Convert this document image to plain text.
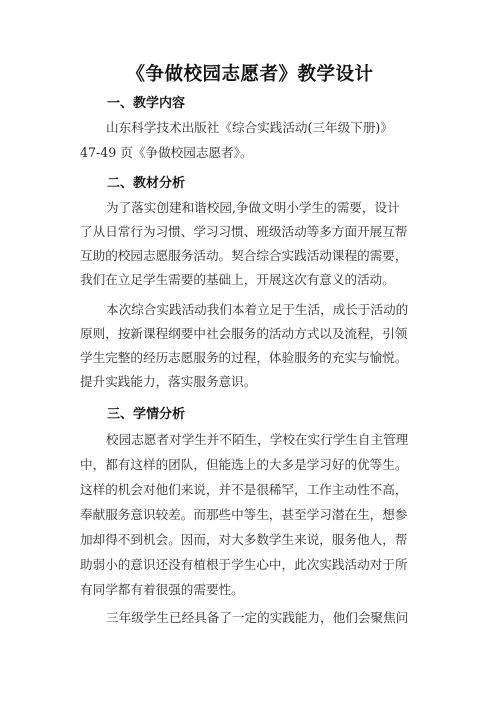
《争做校园志愿者》教学设计
一、教学内容
山东科学技术出版社《综合实践活动(三年级下册)》
47-49 页《争做校园志愿者》。
二、教材分析
为了落实创建和谐校园,争做文明小学生的需要，设计
了从日常行为习惯、学习习惯、班级活动等多方面开展互帮
互助的校园志愿服务活动。契合综合实践活动课程的需要，
我们在立足学生需要的基础上，开展这次有意义的活动。
本次综合实践活动我们本着立足于生活，成长于活动的
原则，按新课程纲要中社会服务的活动方式以及流程，引领
学生完整的经历志愿服务的过程，体验服务的充实与愉悦。
提升实践能力，落实服务意识。
三、学情分析
校园志愿者对学生并不陌生，学校在实行学生自主管理
中，都有这样的团队，但能选上的大多是学习好的优等生。
这样的机会对他们来说，并不是很稀罕，工作主动性不高，
奉献服务意识较差。而那些中等生，甚至学习潜在生，想参
加却得不到机会。因而，对大多数学生来说，服务他人，帮
助弱小的意识还没有植根于学生心中，此次实践活动对于所
有同学都有着很强的需要性。
三年级学生已经具备了一定的实践能力，他们会聚焦问
